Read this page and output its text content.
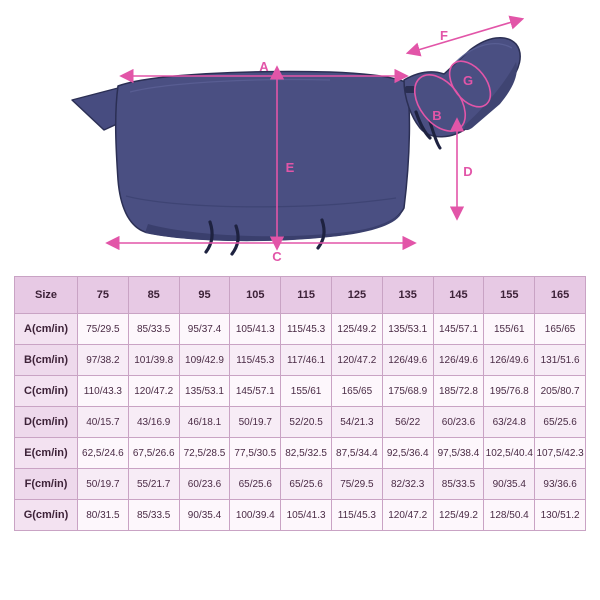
A
E
C
F
B
G
D
Size	75	85	95	105	115	125	135	145	155	165
A(cm/in)	75/29.5	85/33.5	95/37.4	105/41.3	115/45.3	125/49.2	135/53.1	145/57.1	155/61	165/65
B(cm/in)	97/38.2	101/39.8	109/42.9	115/45.3	117/46.1	120/47.2	126/49.6	126/49.6	126/49.6	131/51.6
C(cm/in)	110/43.3	120/47.2	135/53.1	145/57.1	155/61	165/65	175/68.9	185/72.8	195/76.8	205/80.7
D(cm/in)	40/15.7	43/16.9	46/18.1	50/19.7	52/20.5	54/21.3	56/22	60/23.6	63/24.8	65/25.6
E(cm/in)	62,5/24.6	67,5/26.6	72,5/28.5	77,5/30.5	82,5/32.5	87,5/34.4	92,5/36.4	97,5/38.4	102,5/40.4	107,5/42.3
F(cm/in)	50/19.7	55/21.7	60/23.6	65/25.6	65/25.6	75/29.5	82/32.3	85/33.5	90/35.4	93/36.6
G(cm/in)	80/31.5	85/33.5	90/35.4	100/39.4	105/41.3	115/45.3	120/47.2	125/49.2	128/50.4	130/51.2
